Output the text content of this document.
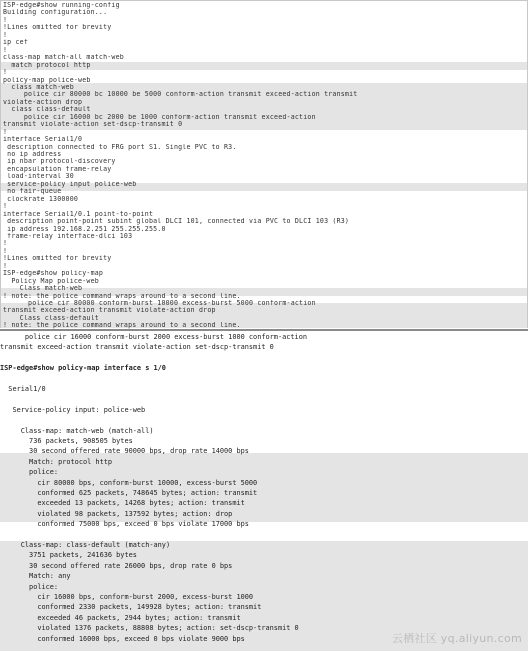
ISP-edge#show running-config
Building configuration...
!
!Lines omitted for brevity
!
ip cef
!
class-map match-all match-web
match protocol http
!
policy-map police-web
class match-web
police cir 80000 bc 10000 be 5000 conform-action transmit exceed-action transmit
violate-action drop
class class-default
police cir 16000 bc 2000 be 1000 conform-action transmit exceed-action
transmit violate-action set-dscp-transmit 0
!
interface Serial1/0
description connected to FRG port S1. Single PVC to R3.
no ip address
ip nbar protocol-discovery
encapsulation frame-relay
load-interval 30
service-policy input police-web
no fair-queue
clockrate 1300000
!
interface Serial1/0.1 point-to-point
description point-point subint global DLCI 101, connected via PVC to DLCI 103 (R3)
ip address 192.168.2.251 255.255.255.0
frame-relay interface-dlci 103
!
!
!Lines omitted for brevity
!
ISP-edge#show policy-map
Policy Map police-web
Class match-web
! note: the police command wraps around to a second line.
police cir 80000 conform-burst 10000 excess-burst 5000 conform-action
transmit exceed-action transmit violate-action drop
Class class-default
! note: the police command wraps around to a second line.
police cir 16000 conform-burst 2000 excess-burst 1000 conform-action
transmit exceed-action transmit violate-action set-dscp-transmit 0
ISP-edge#show policy-map interface s 1/0
Serial1/0
Service-policy input: police-web
Class-map: match-web (match-all)
736 packets, 908505 bytes
30 second offered rate 90000 bps, drop rate 14000 bps
Match: protocol http
police:
cir 80000 bps, conform-burst 10000, excess-burst 5000
conformed 625 packets, 748645 bytes; action: transmit
exceeded 13 packets, 14268 bytes; action: transmit
violated 98 packets, 137592 bytes; action: drop
conformed 75000 bps, exceed 0 bps violate 17000 bps
Class-map: class-default (match-any)
3751 packets, 241636 bytes
30 second offered rate 26000 bps, drop rate 0 bps
Match: any
police:
cir 16000 bps, conform-burst 2000, excess-burst 1000
conformed 2330 packets, 149928 bytes; action: transmit
exceeded 46 packets, 2944 bytes; action: transmit
violated 1376 packets, 88808 bytes; action: set-dscp-transmit 0
conformed 16000 bps, exceed 0 bps violate 9000 bps	云栖社区 yq.aliyun.com
